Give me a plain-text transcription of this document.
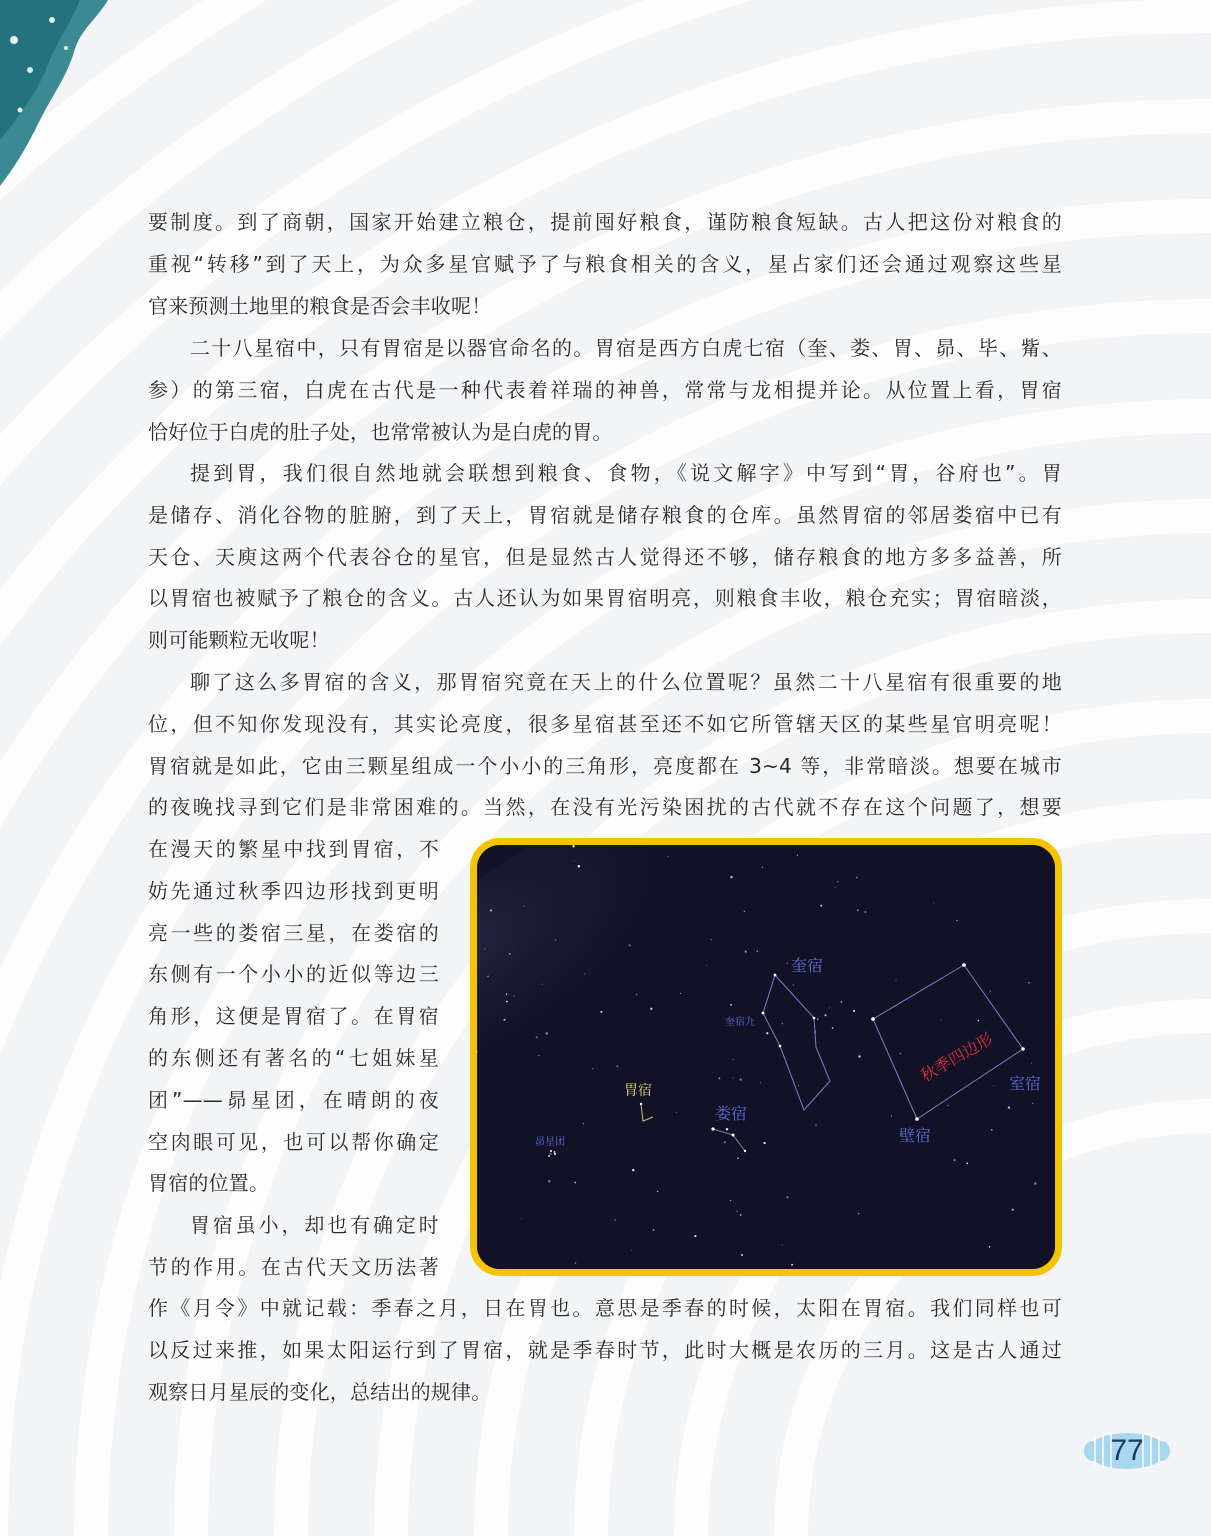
要制度。到了商朝，国家开始建立粮仓，提前囤好粮食，谨防粮食短缺。古人把这份对粮食的
重视“转移”到了天上，为众多星官赋予了与粮食相关的含义，星占家们还会通过观察这些星
官来预测土地里的粮食是否会丰收呢！
二十八星宿中，只有胃宿是以器官命名的。胃宿是西方白虎七宿（奎、娄、胃、昴、毕、觜、
参）的第三宿，白虎在古代是一种代表着祥瑞的神兽，常常与龙相提并论。从位置上看，胃宿
恰好位于白虎的肚子处，也常常被认为是白虎的胃。
提到胃，我们很自然地就会联想到粮食、食物，《说文解字》中写到“胃，谷府也”。胃
是储存、消化谷物的脏腑，到了天上，胃宿就是储存粮食的仓库。虽然胃宿的邻居娄宿中已有
天仓、天庾这两个代表谷仓的星官，但是显然古人觉得还不够，储存粮食的地方多多益善，所
以胃宿也被赋予了粮仓的含义。古人还认为如果胃宿明亮，则粮食丰收，粮仓充实；胃宿暗淡，
则可能颗粒无收呢！
聊了这么多胃宿的含义，那胃宿究竟在天上的什么位置呢？虽然二十八星宿有很重要的地
位，但不知你发现没有，其实论亮度，很多星宿甚至还不如它所管辖天区的某些星官明亮呢！
胃宿就是如此，它由三颗星组成一个小小的三角形，亮度都在 3~4 等，非常暗淡。想要在城市
的夜晚找寻到它们是非常困难的。当然，在没有光污染困扰的古代就不存在这个问题了，想要
在漫天的繁星中找到胃宿，不
妨先通过秋季四边形找到更明
亮一些的娄宿三星，在娄宿的
东侧有一个小小的近似等边三
角形，这便是胃宿了。在胃宿
的东侧还有著名的“七姐妹星
团”——昴星团，在晴朗的夜
空肉眼可见，也可以帮你确定
胃宿的位置。
胃宿虽小，却也有确定时
节的作用。在古代天文历法著
作《月令》中就记载：季春之月，日在胃也。意思是季春的时候，太阳在胃宿。我们同样也可
以反过来推，如果太阳运行到了胃宿，就是季春时节，此时大概是农历的三月。这是古人通过
观察日月星辰的变化，总结出的规律。
奎宿
奎宿九
秋季四边形 室宿
胃宿
娄宿
壁宿
昴星团
77
